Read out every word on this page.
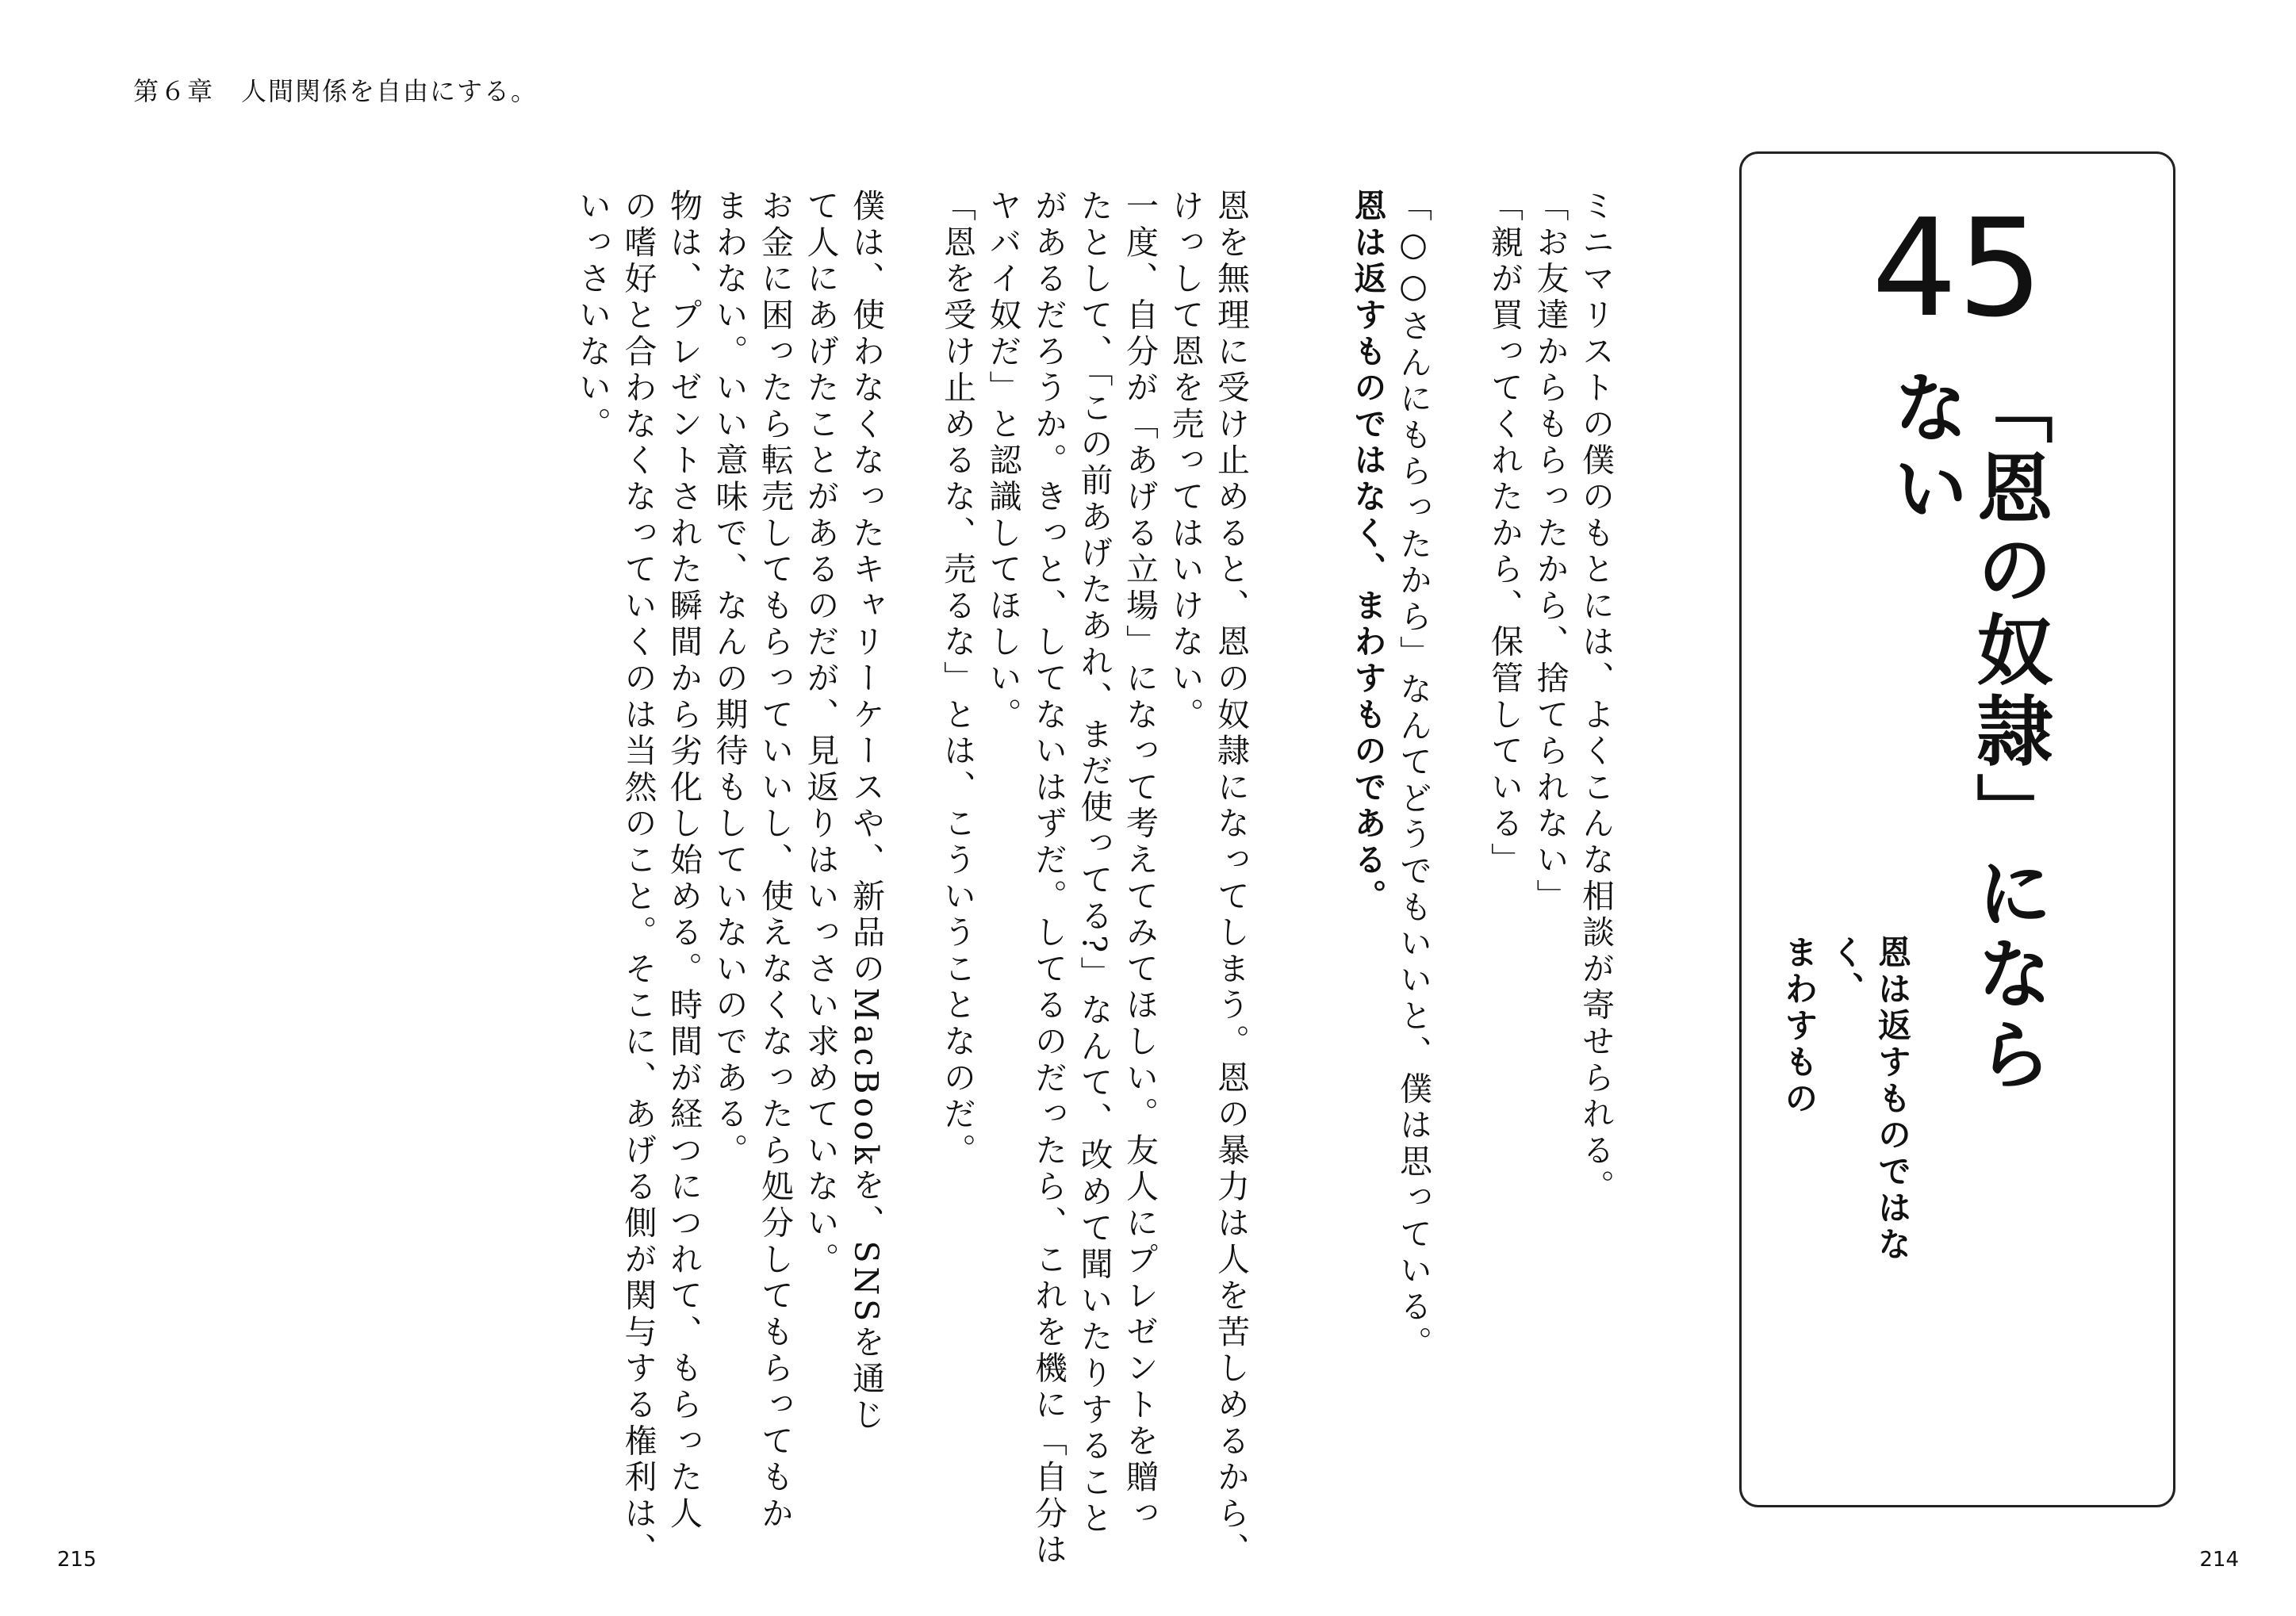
第６章　人間関係を自由にする。
45
「恩の奴隷」にならない
恩は返すものではなく、
まわすもの
ミニマリストの僕のもとには、よくこんな相談が寄せられる。
「お友達からもらったから、捨てられない」
「親が買ってくれたから、保管している」
「○○さんにもらったから」なんてどうでもいいと、僕は思っている。
恩は返すものではなく、まわすものである。
恩を無理に受け止めると、恩の奴隷になってしまう。恩の暴力は人を苦しめるから、
けっして恩を売ってはいけない。
一度、自分が「あげる立場」になって考えてみてほしい。友人にプレゼントを贈っ
たとして、「この前あげたあれ、まだ使ってる?」なんて、改めて聞いたりすること
があるだろうか。きっと、してないはずだ。してるのだったら、これを機に「自分は
ヤバイ奴だ」と認識してほしい。
「恩を受け止めるな、売るな」とは、こういうことなのだ。
僕は、使わなくなったキャリーケースや、新品のMacBookを、SNSを通じ
て人にあげたことがあるのだが、見返りはいっさい求めていない。
お金に困ったら転売してもらっていいし、使えなくなったら処分してもらってもか
まわない。いい意味で、なんの期待もしていないのである。
物は、プレゼントされた瞬間から劣化し始める。時間が経つにつれて、もらった人
の嗜好と合わなくなっていくのは当然のこと。そこに、あげる側が関与する権利は、
いっさいない。
215	214
